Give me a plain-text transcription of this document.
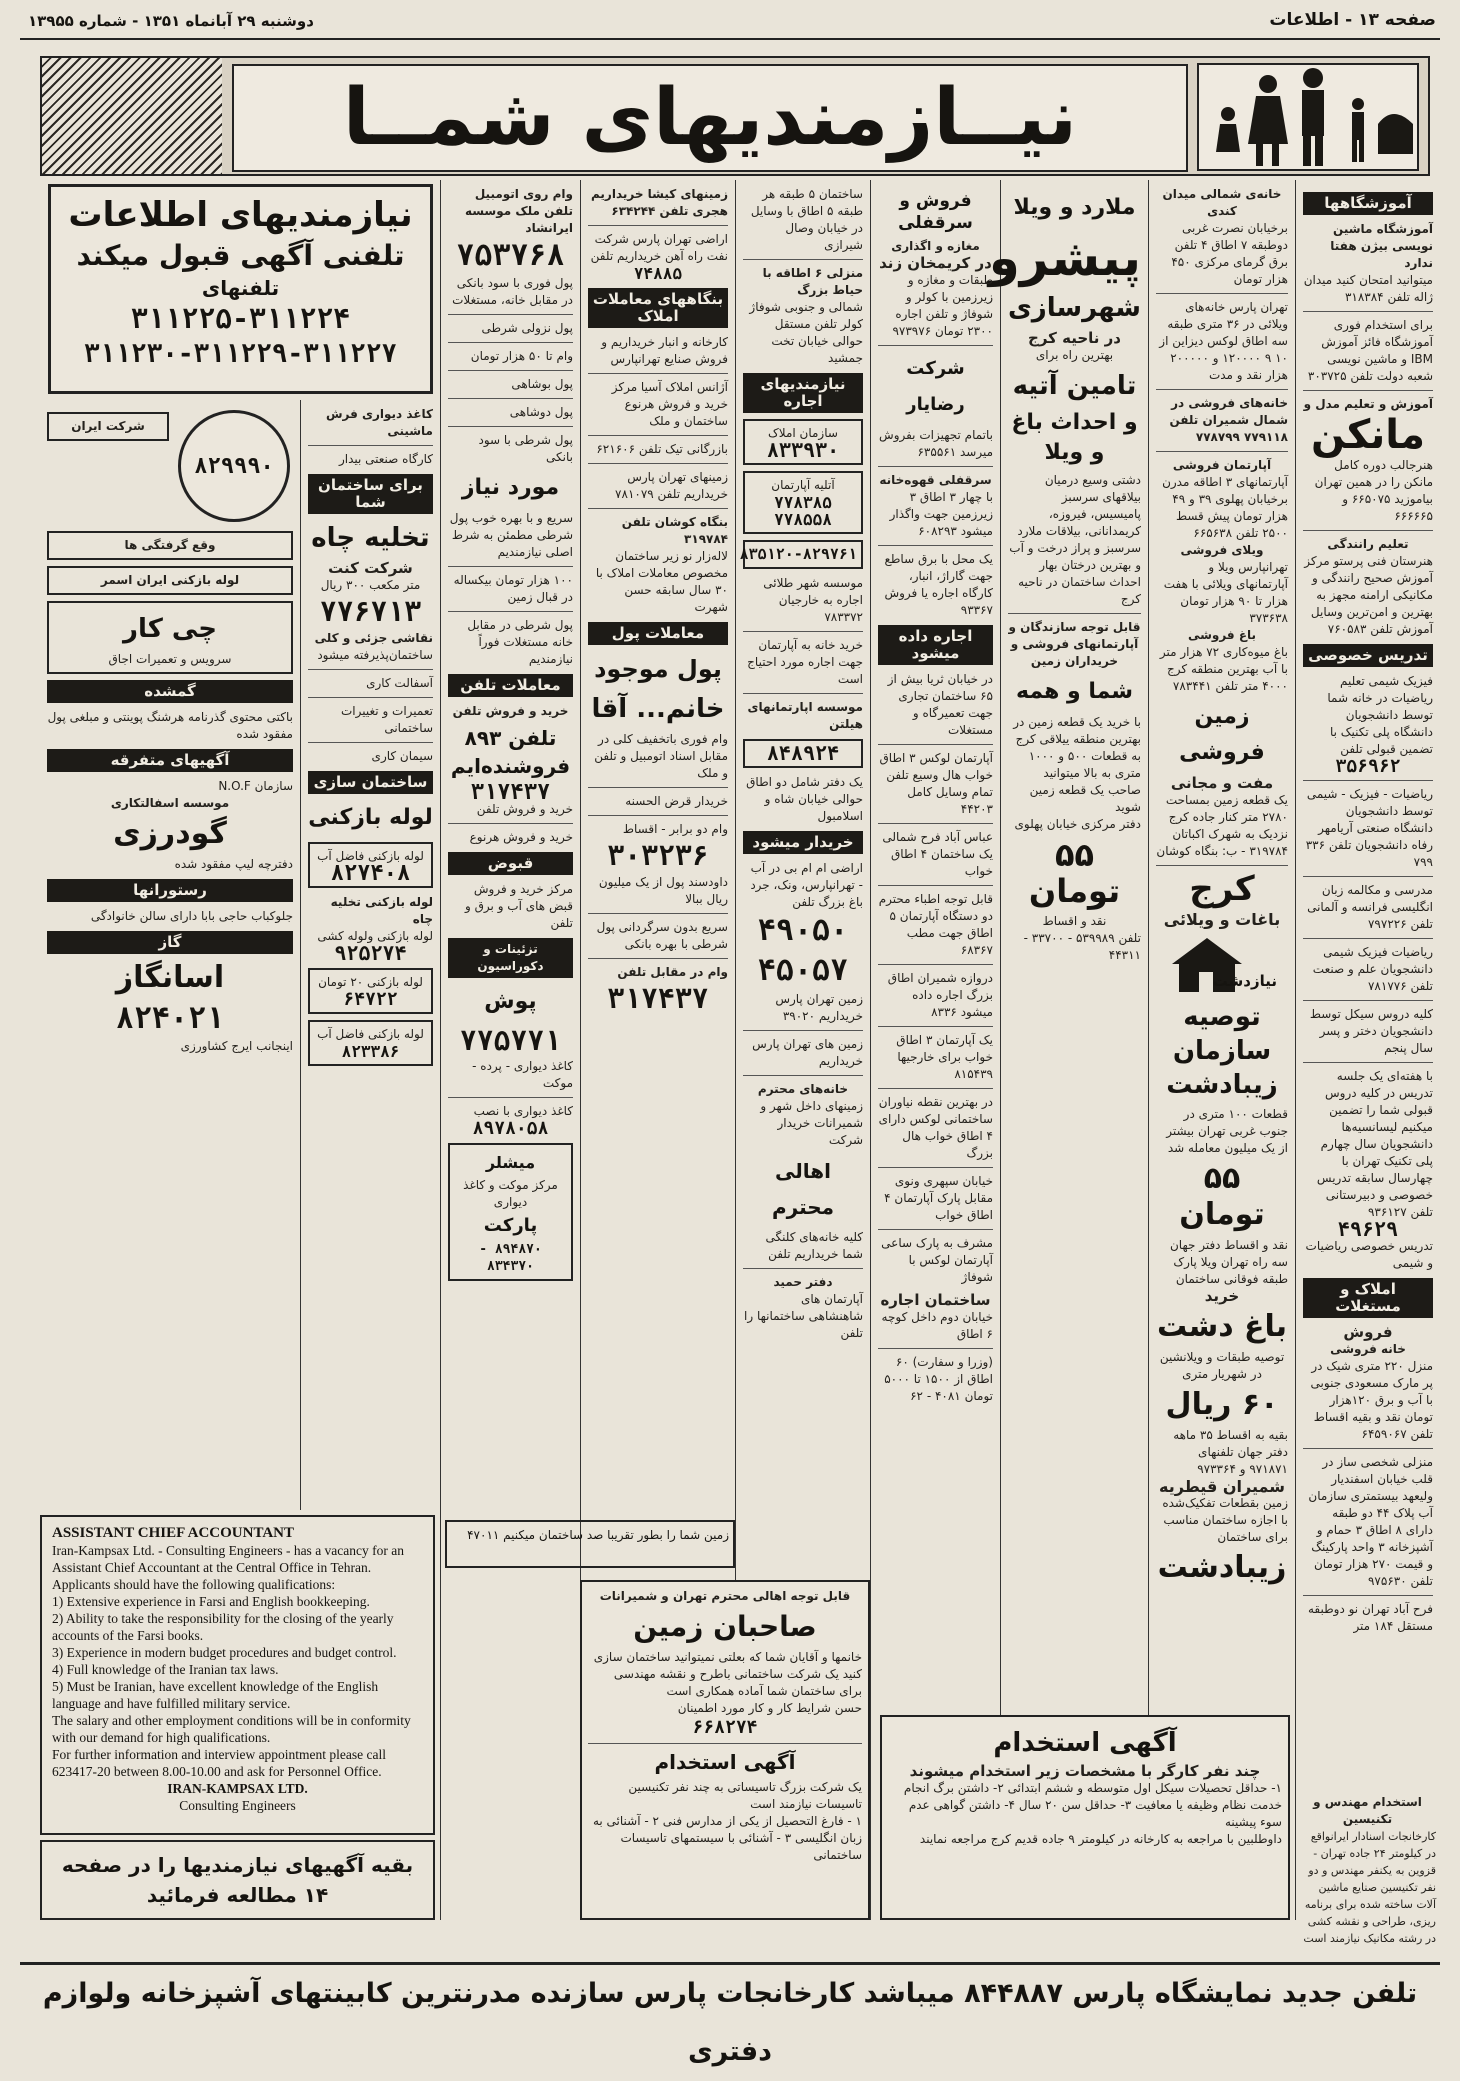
دوشنبه ۲۹ آبانماه ۱۳۵۱ - شماره ۱۳۹۵۵	صفحه ۱۳ - اطلاعات
نیــازمندیهای شمــا
آموزشگاهها
آموزشگاه ماشین نویسی بیژن هفتا ندارد
میتوانید امتحان کنید میدان ژاله تلفن ۳۱۸۳۸۴
برای استخدام فوری آموزشگاه فائز آموزش IBM و ماشین نویسی شعبه دولت تلفن ۳۰۳۷۲۵
آموزش و تعلیم مدل و
مانکن
هنرجالب دوره کامل مانکن را در همین تهران بیاموزید ۶۶۵۰۷۵ و ۶۶۶۶۶۵
تعلیم رانندگی
هنرستان فنی پرستو مرکز آموزش صحیح رانندگی و مکانیکی ارامنه مجهز به بهترین و امن‌ترین وسایل آموزش تلفن ۷۶۰۵۸۳
تدریس خصوصی
فیزیک شیمی تعلیم ریاضیات در خانه شما توسط دانشجویان دانشگاه پلی تکنیک با تضمین قبولی تلفن
۳۵۶۹۶۲
ریاضیات - فیزیک - شیمی توسط دانشجویان دانشگاه صنعتی آریامهر رفاه دانشجویان تلفن ۳۳۶ ۷۹۹
مدرسی و مکالمه زبان انگلیسی فرانسه و آلمانی تلفن ۷۹۷۲۲۶
ریاضیات فیزیک شیمی دانشجویان علم و صنعت تلفن ۷۸۱۷۷۶
کلیه دروس سیکل توسط دانشجویان دختر و پسر سال پنجم
با هفته‌ای یک جلسه تدریس در کلیه دروس قبولی شما را تضمین میکنیم لیسانسیه‌ها دانشجویان سال چهارم پلی تکنیک تهران با چهارسال سابقه تدریس خصوصی و دبیرستانی تلفن ۹۳۶۱۲۷
۴۹۶۲۹
تدریس خصوصی ریاضیات و شیمی
املاک و مستغلات
فروش
خانه فروشی
منزل ۲۲۰ متری شیک در پر مارک مسعودی جنوبی با آب و برق ۱۲۰هزار تومان نقد و بقیه اقساط تلفن ۶۴۵۹۰۶۷
منزلی شخصی ساز در قلب خیابان اسفندیار ولیعهد بیستمتری سازمان آب پلاک ۴۴ دو طبقه دارای ۸ اطاق ۳ حمام و آشپزخانه ۳ واحد پارکینگ و قیمت ۲۷۰ هزار تومان تلفن ۹۷۵۶۳۰
فرح آباد تهران نو دوطبقه مستقل ۱۸۴ متر
خانه‌ی شمالی میدان کندی
برخیابان نصرت غربی دوطبقه ۷ اطاق ۴ تلفن برق گرمای مرکزی ۴۵۰ هزار تومان
تهران پارس خانه‌های ویلائی در ۳۶ متری طبقه سه اطاق لوکس دیزاین از ۱۰ ۹ ۱۲۰۰۰۰ و ۲۰۰۰۰۰ هزار نقد و مدت
خانه‌های فروشی در شمال شمیران تلفن ۷۷۹۱۱۸ ۷۷۸۷۹۹
آپارتمان فروشی
آپارتمانهای ۳ اطاقه مدرن برخیابان پهلوی ۳۹ و ۴۹ هزار تومان پیش قسط ۲۵۰۰ تلفن ۶۶۵۶۳۸
ویلای فروشی
تهرانپارس ویلا و آپارتمانهای ویلائی با هفت هزار تا ۹۰ هزار تومان ۳۷۳۶۳۸
باغ فروشی
باغ میوه‌کاری ۷۲ هزار متر با آب بهترین منطقه کرج ۴۰۰۰ متر تلفن ۷۸۳۴۴۱
زمین فروشی
مفت و مجانی
یک قطعه زمین بمساحت ۲۷۸۰ متر کنار جاده کرج نزدیک به شهرک اکباتان
۳۱۹۷۸۴ - ب: بنگاه کوشان
کرج
باغات و ویلائی
نیازدشت
توصیه سازمان زیبادشت
قطعات ۱۰۰ متری در جنوب غربی تهران بیشتر از یک میلیون معامله شد
۵۵ تومان
نقد و اقساط دفتر جهان سه راه تهران ویلا پارک طبقه فوقانی ساختمان
خرید
باغ دشت
توصیه طبقات و ویلانشین در شهریار متری
۶۰ ریال
بقیه به اقساط ۳۵ ماهه دفتر جهان تلفنهای ۹۷۱۸۷۱ و ۹۷۳۳۶۴
شمیران قیطریه
زمین بقطعات تفکیک‌شده با اجازه ساختمان مناسب برای ساختمان
زیبادشت
ملارد و ویلا
پیشرو
شهرسازی
در ناحیه کرج
بهترین راه برای
تامین آتیه
و احداث باغ و ویلا
دشتی وسیع درمیان بیلاقهای سرسبز پامیسیس، فیروزه، کریمدانانی، بیلاقات ملارد سرسبز و پراز درخت و آب و بهترین درختان بهار احداث ساختمان در ناحیه کرج
قابل توجه سازندگان و آپارتمانهای فروشی و خریداران زمین
شما و همه
با خرید یک قطعه زمین در بهترین منطقه ییلاقی کرج به قطعات ۵۰۰ و ۱۰۰۰ متری به بالا میتوانید صاحب یک قطعه زمین شوید
دفتر مرکزی خیابان پهلوی
۵۵ تومان
نقد و اقساط
تلفن ۵۳۹۹۸۹ - ۳۳۷۰۰ - ۴۴۳۱۱
فروش و سرقفلی
مغازه و اگذاری
در کریمخان زند
طبقات و مغازه و زیرزمین با کولر و شوفاژ و تلفن اجاره ۲۳۰۰ تومان ۹۷۳۹۷۶
شرکت رضایار
باتمام تجهیزات بفروش میرسد ۶۳۵۵۶۱
سرقفلی قهوه‌خانه
با چهار ۳ اطاق ۳ زیرزمین جهت واگذار میشود ۶۰۸۲۹۳
یک محل با برق ساطع جهت گاراژ، انبار، کارگاه اجاره یا فروش ۹۳۳۶۷
اجاره داده میشود
در خیابان ثریا بیش از ۶۵ ساختمان تجاری جهت تعمیرگاه و مستغلات
آپارتمان لوکس ۳ اطاق خواب هال وسیع تلفن تمام وسایل کامل ۴۴۲۰۳
عباس آباد فرح شمالی یک ساختمان ۴ اطاق خواب
قابل توجه اطباء محترم دو دستگاه آپارتمان ۵ اطاق جهت مطب ۶۸۳۶۷
دروازه شمیران اطاق بزرگ اجاره داده میشود ۸۳۳۶
یک آپارتمان ۳ اطاق خواب برای خارجیها ۸۱۵۴۳۹
در بهترین نقطه نیاوران ساختمانی لوکس دارای ۴ اطاق خواب هال بزرگ
خیابان سپهری ونوی مقابل پارک آپارتمان ۴ اطاق خواب
مشرف به پارک ساعی آپارتمان لوکس با شوفاژ
ساختمان اجاره
خیابان دوم داخل کوچه ۶ اطاق
(وزرا و سفارت) ۶۰ اطاق از ۱۵۰۰ تا ۵۰۰۰ تومان ۴۰۸۱ - ۶۲
ساختمان ۵ طبقه هر طبقه ۵ اطاق با وسایل در خیابان وصال شیرازی
منزلی ۶ اطاقه با حیاط بزرگ
شمالی و جنوبی شوفاژ کولر تلفن مستقل حوالی خیابان تخت جمشید
نیازمندیهای اجاره
سازمان املاک
۸۳۳۹۳۰
آتلیه آپارتمان
۷۷۸۳۸۵ ۷۷۸۵۵۸
۸۳۵۱۲۰-۸۲۹۷۶۱
موسسه شهر طلائی اجاره به خارجیان ۷۸۳۳۷۲
خرید خانه به آپارتمان جهت اجاره مورد احتیاج است
موسسه اپارتمانهای هیلتن
۸۴۸۹۲۴
یک دفتر شامل دو اطاق حوالی خیابان شاه و اسلامبول
خریدار میشود
اراضی ام ام بی در آب - تهرانپارس، ونک، جرد باغ بزرگ تلفن
۴۹۰۵۰ ۴۵۰۵۷
زمین تهران پارس خریداریم ۳۹۰۲۰
زمین های تهران پارس خریداریم
خانه‌های محترم
زمینهای داخل شهر و شمیرانات خریدار شرکت
اهالی محترم
کلیه خانه‌های کلنگی شما خریداریم تلفن
دفتر حمید
آپارتمان های شاهنشاهی ساختمانها را تلفن
زمینهای کیشا خریداریم هجری تلفن ۶۳۴۲۴۴
اراضی تهران پارس شرکت نفت راه آهن خریداریم تلفن
۷۴۸۸۵
بنگاههای معاملات املاک
کارخانه و انبار خریداریم و فروش صنایع تهرانپارس
آژانس املاک آسیا مرکز خرید و فروش هرنوع ساختمان و ملک
بازرگانی تیک تلفن ۶۲۱۶۰۶
زمینهای تهران پارس خریداریم تلفن ۷۸۱۰۷۹
بنگاه کوشان تلفن ۳۱۹۷۸۴
لاله‌زار نو زیر ساختمان مخصوص معاملات املاک با ۳۰ سال سابقه حسن شهرت
معاملات پول
پول موجود
خانم... آقا
وام فوری باتخفیف کلی در مقابل اسناد اتومبیل و تلفن و ملک
خریدار قرض الحسنه
وام دو برابر - اقساط
۳۰۳۲۳۶
داودسند پول از یک میلیون ریال ببالا
سریع بدون سرگردانی پول شرطی با بهره بانکی
وام در مقابل تلفن
۳۱۷۴۳۷
وام روی اتومبیل تلفن ملک موسسه ایرانشاد
۷۵۳۷۶۸
پول فوری با سود بانکی در مقابل خانه، مستغلات
پول نزولی شرطی
وام تا ۵۰ هزار تومان
پول بوشاهی
پول دوشاهی
پول شرطی با سود بانکی
مورد نیاز
سریع و با بهره خوب پول شرطی مطمئن به شرط اصلی نیازمندیم
۱۰۰ هزار تومان بیکساله در قبال زمین
پول شرطی در مقابل خانه مستغلات فوراً نیازمندیم
معاملات تلفن
خرید و فروش تلفن
تلفن ۸۹۳ فروشنده‌ایم
۳۱۷۴۳۷
خرید و فروش تلفن
خرید و فروش هرنوع
قبوض
مرکز خرید و فروش قبض های آب و برق و تلفن
تزئینات و دکوراسیون
پوش
۷۷۵۷۷۱
کاغذ دیواری - پرده - موکت
کاغذ دیواری با نصب
۸۹۷۸۰۵۸
میشلر
مرکز موکت و کاغذ دیواری
پارکت
۸۹۴۸۷۰ - ۸۳۴۳۷۰
نیازمندیهای اطلاعات
تلفنی آگهی قبول میکند
تلفنهای
۳۱۱۲۲۵-۳۱۱۲۲۴
۳۱۱۲۳۰-۳۱۱۲۲۹-۳۱۱۲۲۷
کاغذ دیواری فرش ماشینی
کارگاه صنعتی بیدار
برای ساختمان شما
تخلیه چاه
شرکت کنت
متر مکعب ۳۰۰ ریال
۷۷۶۷۱۳
نقاشی جزئی و کلی
ساختمان‌پذیرفته میشود
آسفالت کاری
تعمیرات و تغییرات ساختمانی
سیمان کاری
ساختمان سازی
لوله بازکنی
لوله بازکنی فاضل آب
۸۲۷۴۰۸
لوله بازکنی تخلیه چاه
لوله بازکنی ولوله کشی
۹۲۵۲۷۴
لوله بازکنی ۲۰ تومان
۶۴۷۲۲
لوله بازکنی فاضل آب
۸۲۳۳۸۶
۸۲۹۹۹۰
شرکت ایران
وقع گرفتگی ها
لوله بازکنی ایران اسمر
چی کار
سرویس و تعمیرات اجاق
گمشده
باکتی محتوی گذرنامه هرشنگ پوینتی و مبلغی پول مفقود شده
آگهیهای متفرقه
سازمان N.O.F
موسسه اسفالتکاری
گودرزی
دفترچه لیپ مفقود شده
رستورانها
جلوکباب حاجی بابا دارای سالن خانوادگی
گاز
اسانگاز
۸۲۴۰۲۱
اینجانب ایرج کشاورزی
ASSISTANT CHIEF ACCOUNTANT
Iran-Kampsax Ltd. - Consulting Engineers - has a vacancy for an Assistant Chief Accountant at the Central Office in Tehran.
Applicants should have the following qualifications:
1) Extensive experience in Farsi and English bookkeeping.
2) Ability to take the responsibility for the closing of the yearly accounts of the Farsi books.
3) Experience in modern budget procedures and budget control.
4) Full knowledge of the Iranian tax laws.
5) Must be Iranian, have excellent knowledge of the English language and have fulfilled military service.
The salary and other employment conditions will be in conformity with our demand for high qualifications.
For further information and interview appointment please call 623417-20 between 8.00-10.00 and ask for Personnel Office.
IRAN-KAMPSAX LTD.
Consulting Engineers
زمین شما را بطور تقریبا صد ساختمان میکنیم ۴۷۰۱۱
بقیه آگهیهای نیازمندیها را در صفحه ۱۴ مطالعه فرمائید
قابل توجه اهالی محترم تهران و شمیرانات
صاحبان زمین
خانمها و آقایان شما که بعلتی نمیتوانید ساختمان سازی کنید یک شرکت ساختمانی باطرح و نقشه مهندسی برای ساختمان شما آماده همکاری است
حسن شرایط کار و کار مورد اطمینان
۶۶۸۲۷۴
آگهی استخدام
یک شرکت بزرگ تاسیساتی به چند نفر تکنیسین تاسیسات نیازمند است
۱ - فارغ التحصیل از یکی از مدارس فنی ۲ - آشنائی به زبان انگلیسی ۳ - آشنائی با سیستمهای تاسیسات ساختمانی
آگهی استخدام
چند نفر کارگر با مشخصات زیر استخدام میشوند
۱- حداقل تحصیلات سیکل اول متوسطه و ششم ابتدائی ۲- داشتن برگ انجام خدمت نظام وظیفه یا معافیت ۳- حداقل سن ۲۰ سال ۴- داشتن گواهی عدم سوء پیشینه
داوطلبین با مراجعه به کارخانه در کیلومتر ۹ جاده قدیم کرج مراجعه نمایند
استخدام مهندس و تکنیسین
کارخانجات اسنادار ایرانواقع در کیلومتر ۲۴ جاده تهران - قزوین به یکنفر مهندس و دو نفر تکنیسین صنایع ماشین آلات ساخته شده برای برنامه ریزی، طراحی و نقشه کشی در رشته مکانیک نیازمند است
تلفن جدید نمایشگاه پارس ۸۴۴۸۸۷ میباشد کارخانجات پارس سازنده مدرنترین کابینتهای آشپزخانه ولوازم دفتری
